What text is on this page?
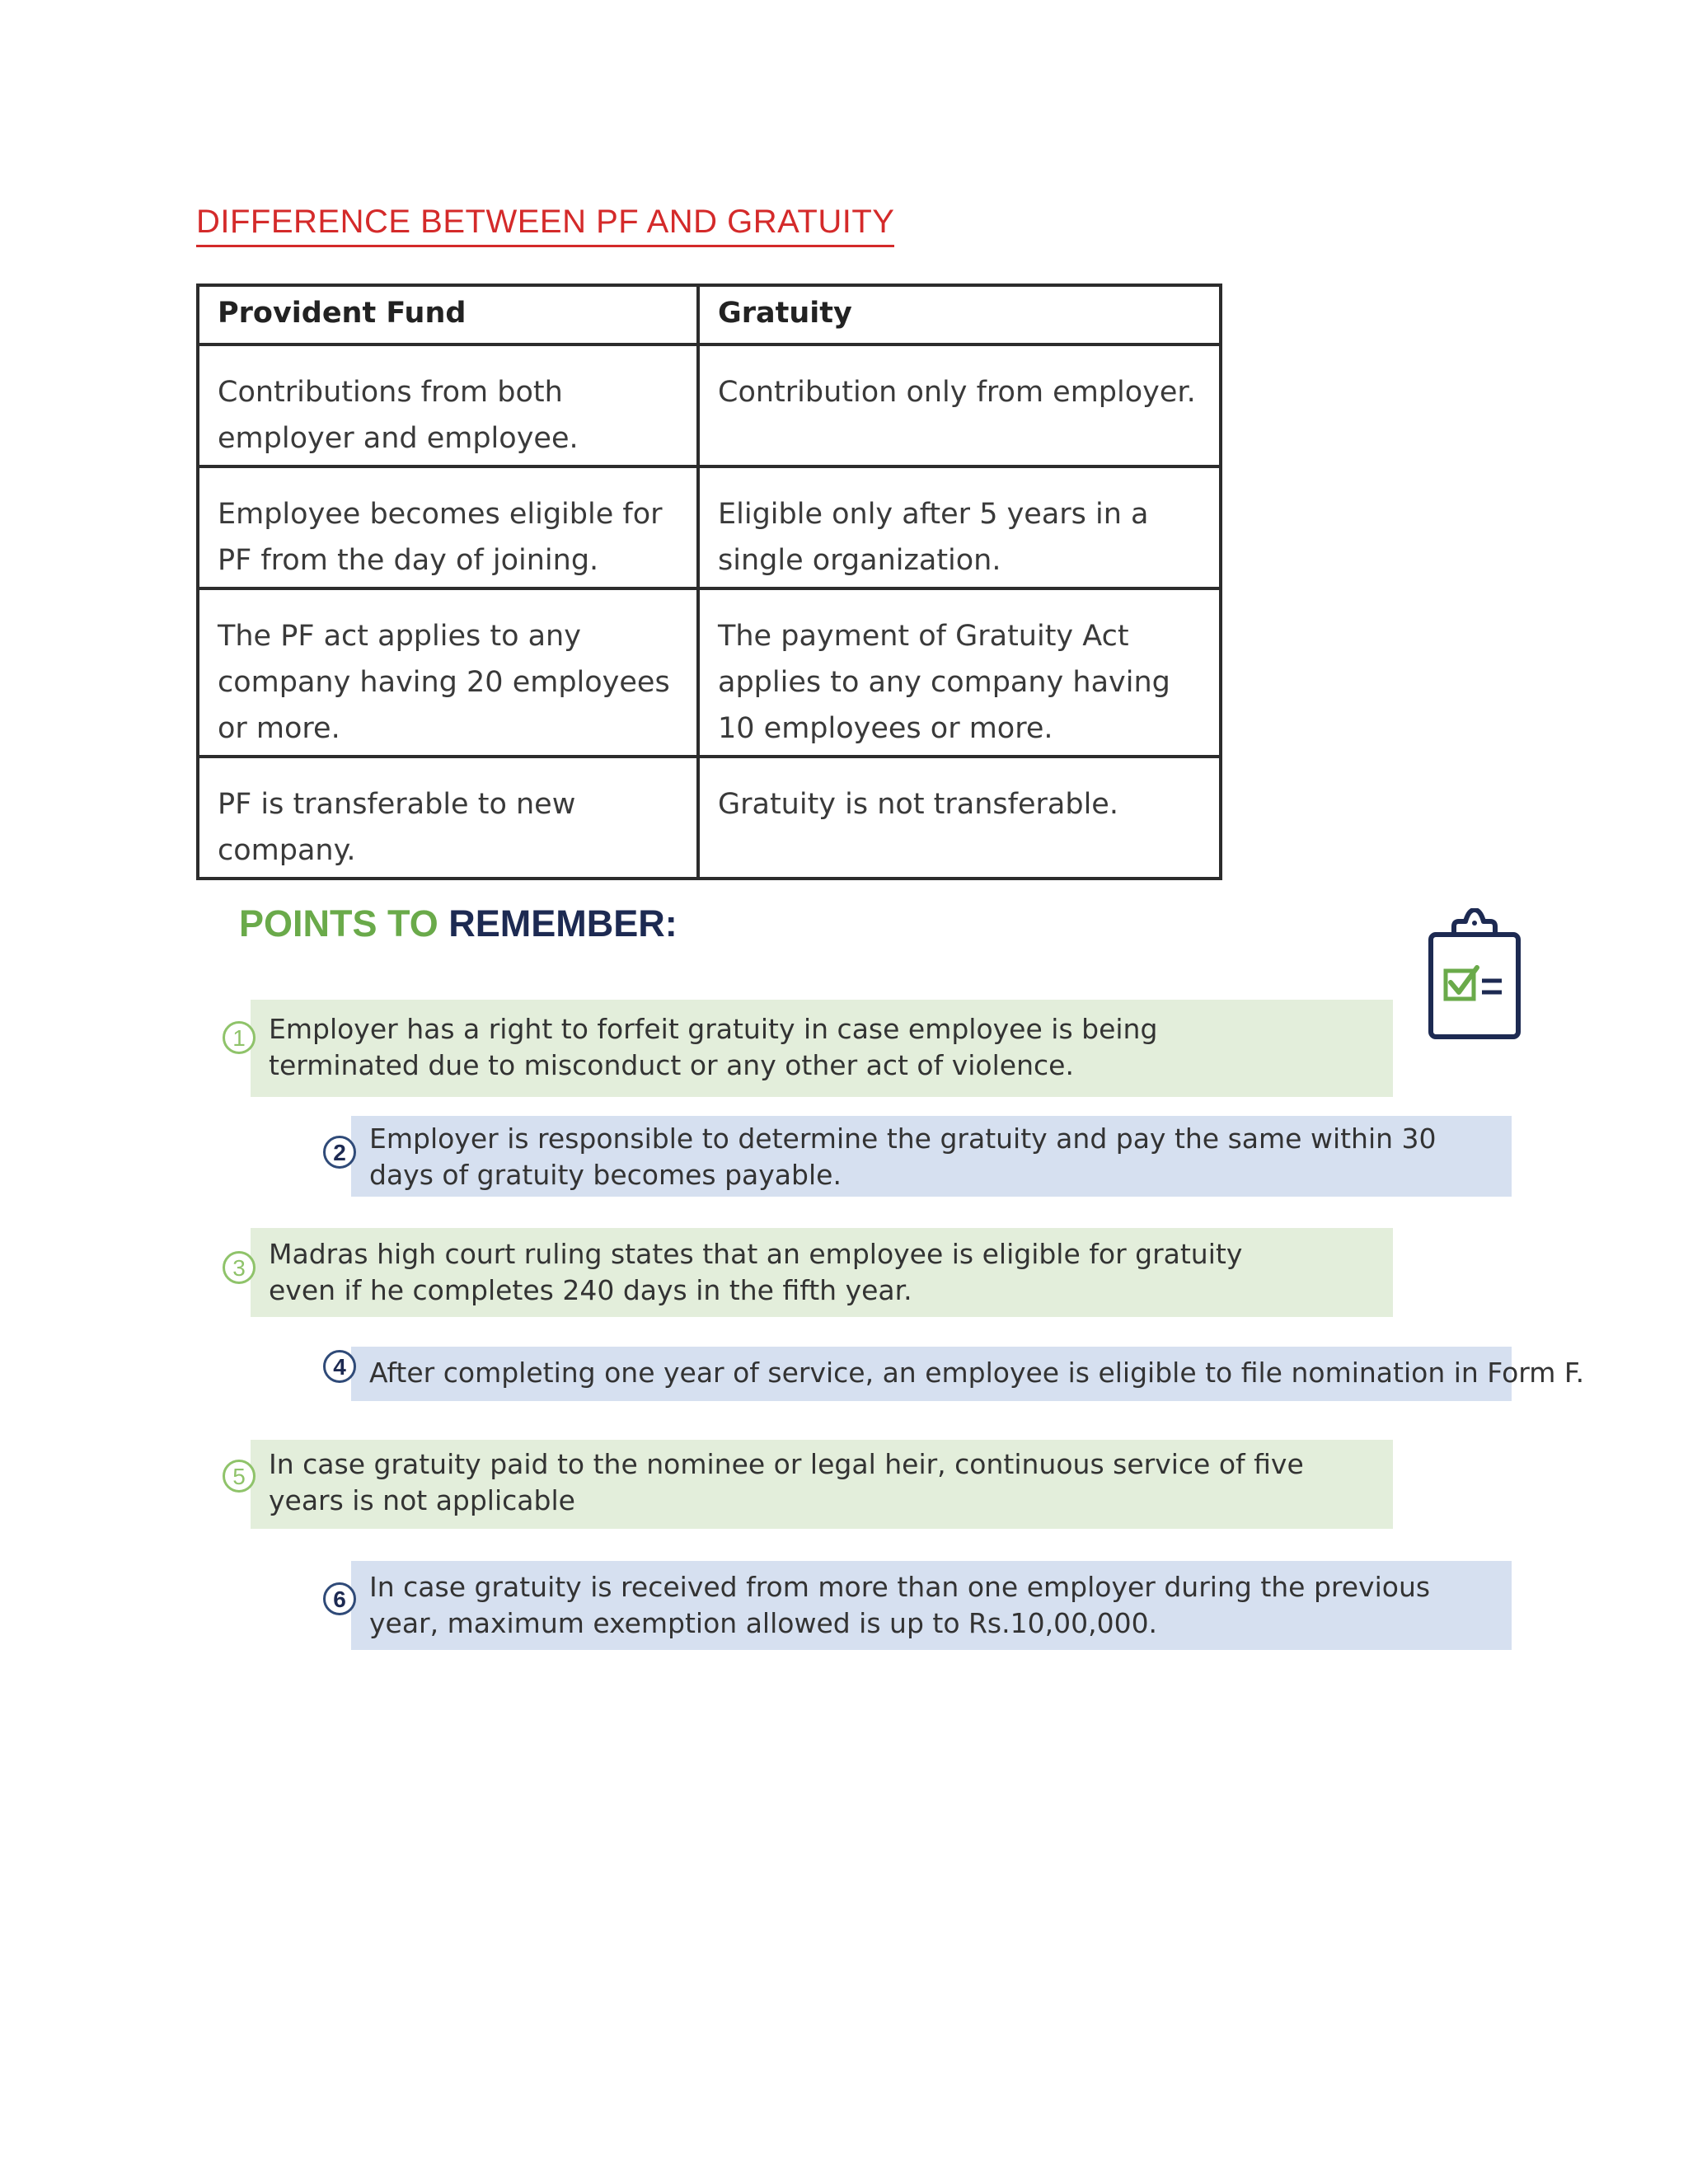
DIFFERENCE BETWEEN PF AND GRATUITY
Provident Fund	Gratuity

Contributions from both employer and employee.	Contribution only from employer.

Employee becomes eligible for PF from the day of joining.	Eligible only after 5 years in a single organization.

The PF act applies to any company having 20 employees or more.	The payment of Gratuity Act applies to any company having 10 employees or more.

PF is transferable to new company.	Gratuity is not transferable.
POINTS TO REMEMBER:
1 Employer has a right to forfeit gratuity in case employee is being terminated due to misconduct or any other act of violence.
2 Employer is responsible to determine the gratuity and pay the same within 30 days of gratuity becomes payable.
3 Madras high court ruling states that an employee is eligible for gratuity even if he completes 240 days in the fifth year.
4 After completing one year of service, an employee is eligible to file nomination in Form F.
5 In case gratuity paid to the nominee or legal heir, continuous service of five years is not applicable
6 In case gratuity is received from more than one employer during the previous year, maximum exemption allowed is up to Rs.10,00,000.
